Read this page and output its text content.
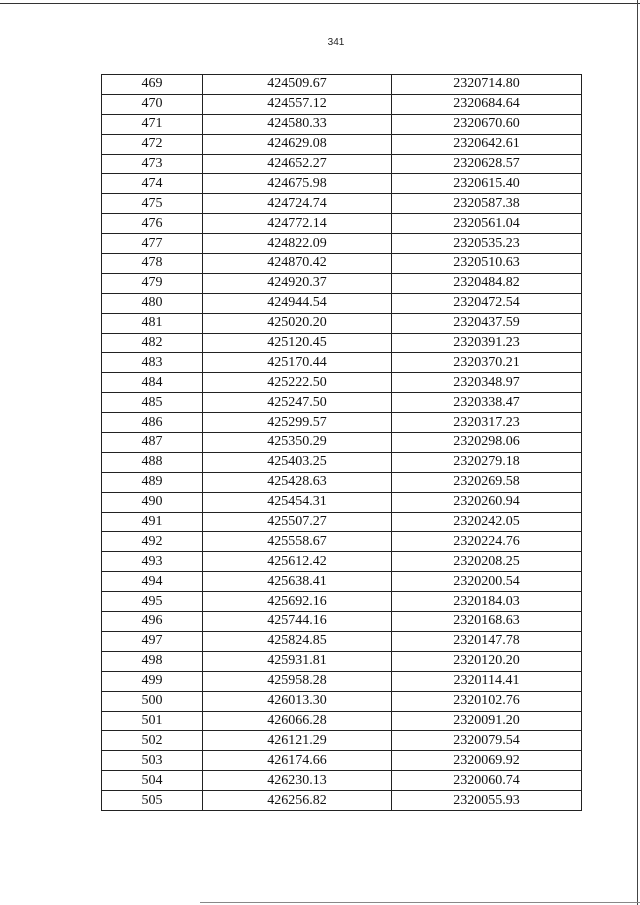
341
469	424509.67	2320714.80
470	424557.12	2320684.64
471	424580.33	2320670.60
472	424629.08	2320642.61
473	424652.27	2320628.57
474	424675.98	2320615.40
475	424724.74	2320587.38
476	424772.14	2320561.04
477	424822.09	2320535.23
478	424870.42	2320510.63
479	424920.37	2320484.82
480	424944.54	2320472.54
481	425020.20	2320437.59
482	425120.45	2320391.23
483	425170.44	2320370.21
484	425222.50	2320348.97
485	425247.50	2320338.47
486	425299.57	2320317.23
487	425350.29	2320298.06
488	425403.25	2320279.18
489	425428.63	2320269.58
490	425454.31	2320260.94
491	425507.27	2320242.05
492	425558.67	2320224.76
493	425612.42	2320208.25
494	425638.41	2320200.54
495	425692.16	2320184.03
496	425744.16	2320168.63
497	425824.85	2320147.78
498	425931.81	2320120.20
499	425958.28	2320114.41
500	426013.30	2320102.76
501	426066.28	2320091.20
502	426121.29	2320079.54
503	426174.66	2320069.92
504	426230.13	2320060.74
505	426256.82	2320055.93
